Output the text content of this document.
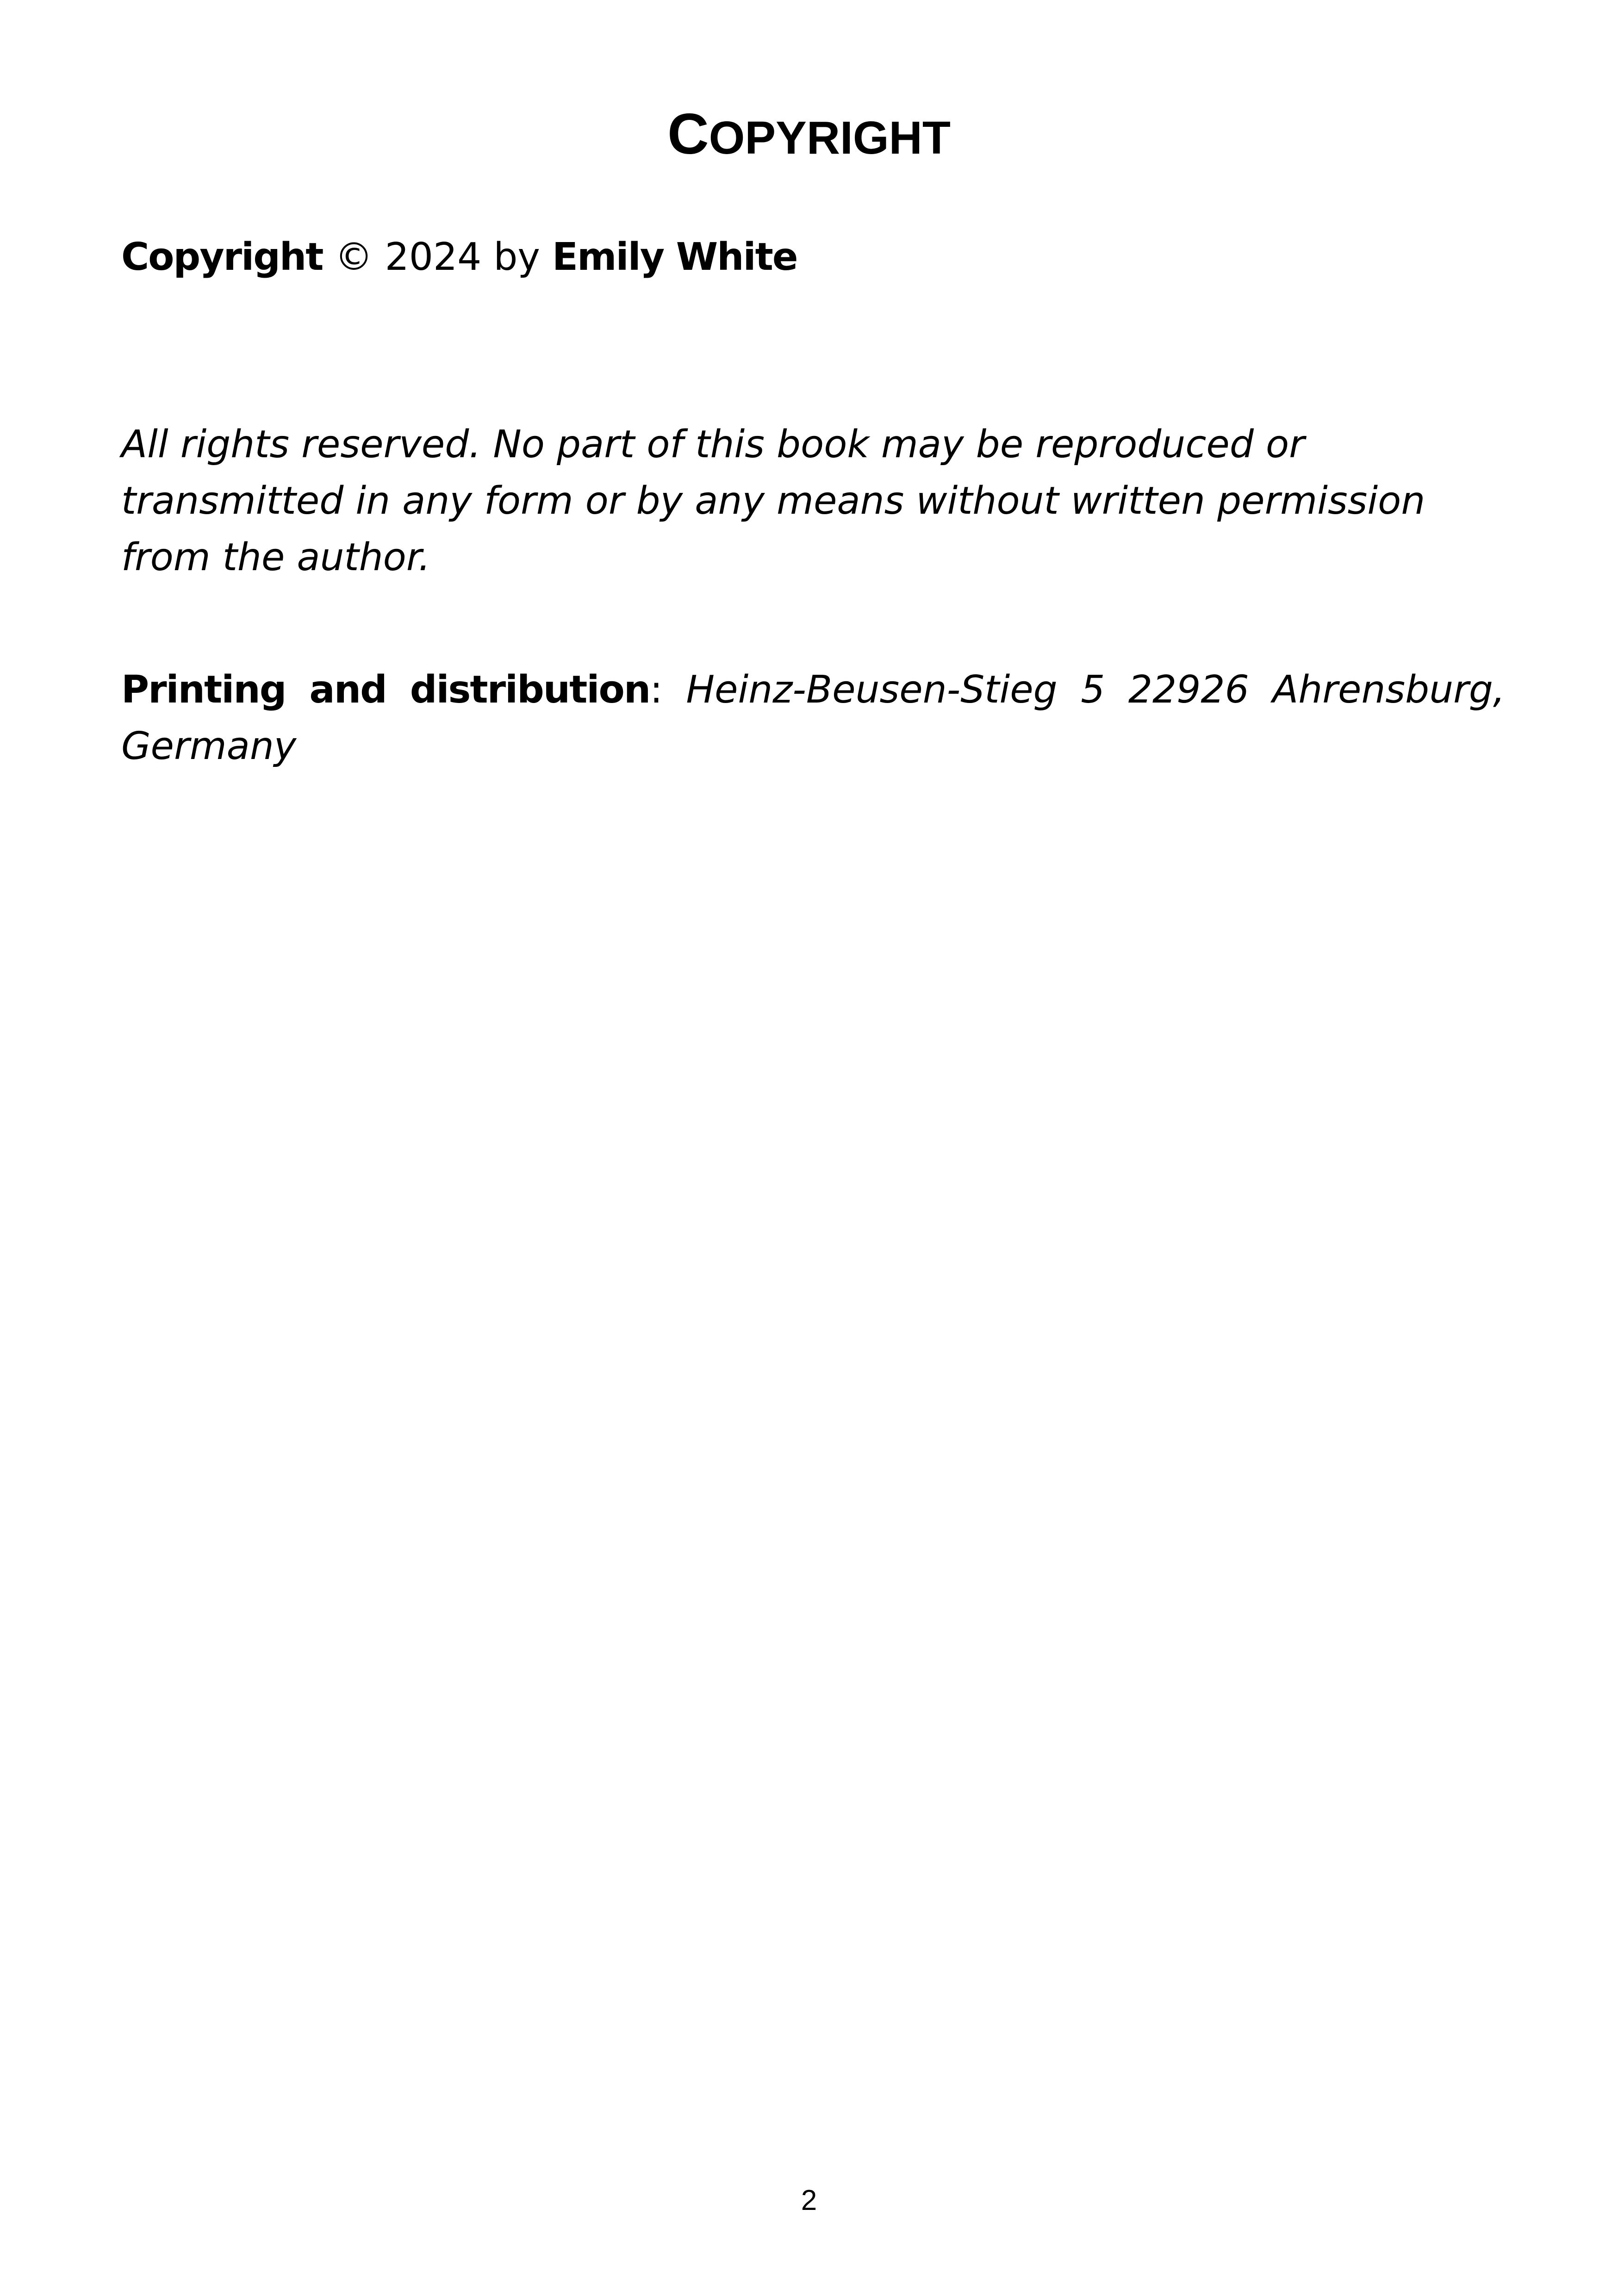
COPYRIGHT

Copyright © 2024 by Emily White

All rights reserved. No part of this book may be reproduced or transmitted in any form or by any means without written permission from the author.

Printing and distribution: Heinz-Beusen-Stieg 5 22926 Ahrensburg, Germany

2
